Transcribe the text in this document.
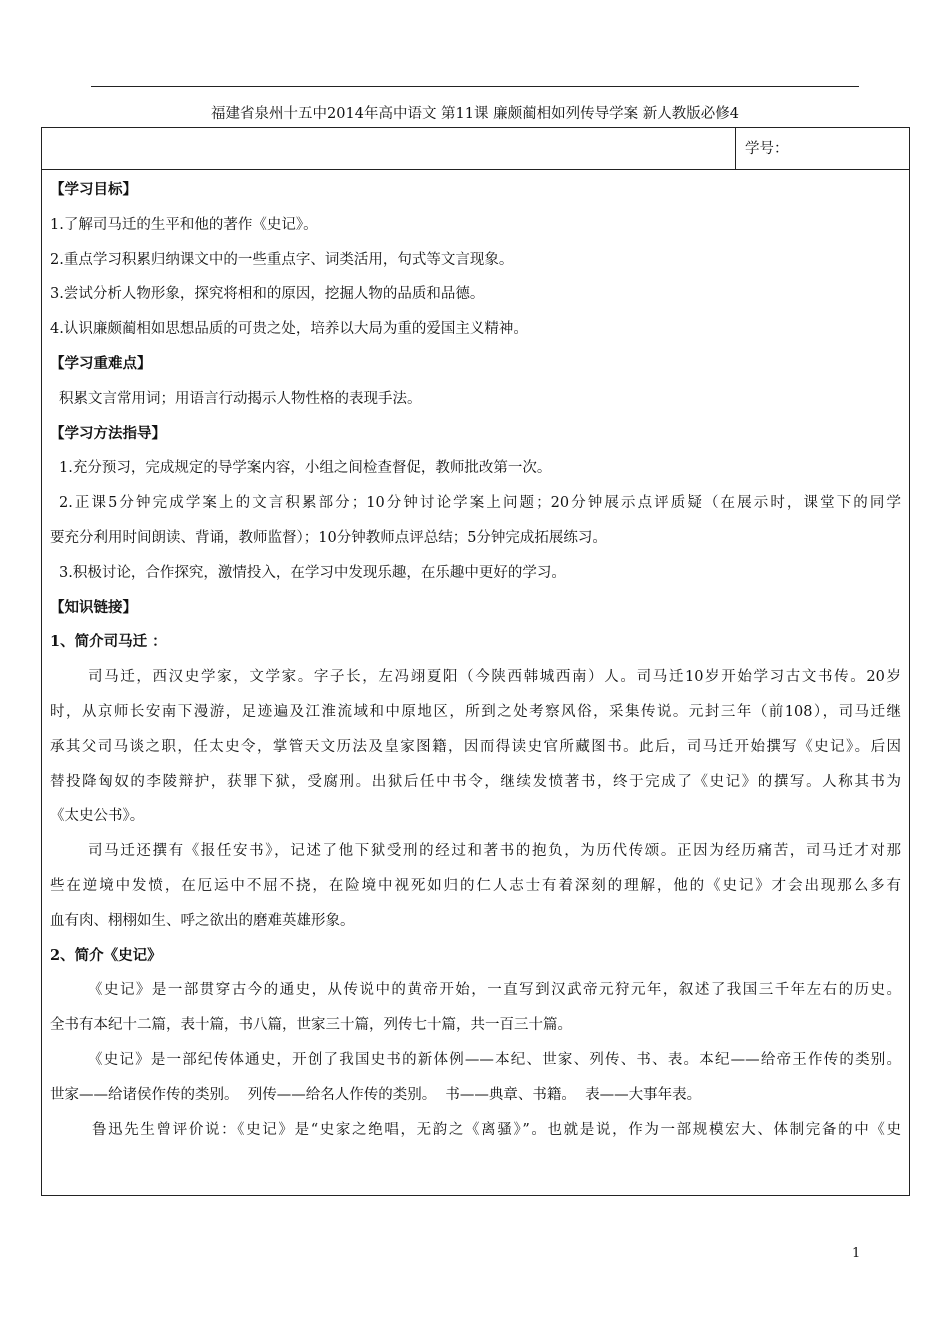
福建省泉州十五中2014年高中语文 第11课 廉颇蔺相如列传导学案 新人教版必修4
学号：
【学习目标】
1.了解司马迁的生平和他的著作《史记》。
2.重点学习积累归纳课文中的一些重点字、词类活用，句式等文言现象。
3.尝试分析人物形象，探究将相和的原因，挖掘人物的品质和品德。
4.认识廉颇蔺相如思想品质的可贵之处，培养以大局为重的爱国主义精神。
【学习重难点】
积累文言常用词；用语言行动揭示人物性格的表现手法。
【学习方法指导】
1.充分预习，完成规定的导学案内容，小组之间检查督促，教师批改第一次。
2.正课5分钟完成学案上的文言积累部分；10分钟讨论学案上问题；20分钟展示点评质疑（在展示时，课堂下的同学
要充分利用时间朗读、背诵，教师监督）；10分钟教师点评总结；5分钟完成拓展练习。
3.积极讨论，合作探究，激情投入，在学习中发现乐趣，在乐趣中更好的学习。
【知识链接】
1、简介司马迁 ：
司马迁，西汉史学家，文学家。字子长，左冯翊夏阳（今陕西韩城西南）人。司马迁10岁开始学习古文书传。20岁
时，从京师长安南下漫游，足迹遍及江淮流域和中原地区，所到之处考察风俗，采集传说。元封三年（前108），司马迁继
承其父司马谈之职，任太史令，掌管天文历法及皇家图籍，因而得读史官所藏图书。此后，司马迁开始撰写《史记》。后因
替投降匈奴的李陵辩护，获罪下狱，受腐刑。出狱后任中书令，继续发愤著书，终于完成了《史记》的撰写。人称其书为
《太史公书》。
司马迁还撰有《报任安书》，记述了他下狱受刑的经过和著书的抱负，为历代传颂。正因为经历痛苦，司马迁才对那
些在逆境中发愤，在厄运中不屈不挠，在险境中视死如归的仁人志士有着深刻的理解，他的《史记》才会出现那么多有
血有肉、栩栩如生、呼之欲出的磨难英雄形象。
2、简介《史记》
《史记》是一部贯穿古今的通史，从传说中的黄帝开始，一直写到汉武帝元狩元年，叙述了我国三千年左右的历史。
全书有本纪十二篇，表十篇，书八篇，世家三十篇，列传七十篇，共一百三十篇。
《史记》是一部纪传体通史，开创了我国史书的新体例——本纪、世家、列传、书、表。本纪——给帝王作传的类别。
世家——给诸侯作传的类别。  列传——给名人作传的类别。  书——典章、书籍。  表——大事年表。
鲁迅先生曾评价说：《史记》是“史家之绝唱，无韵之《离骚》”。也就是说，作为一部规模宏大、体制完备的中《史
1
